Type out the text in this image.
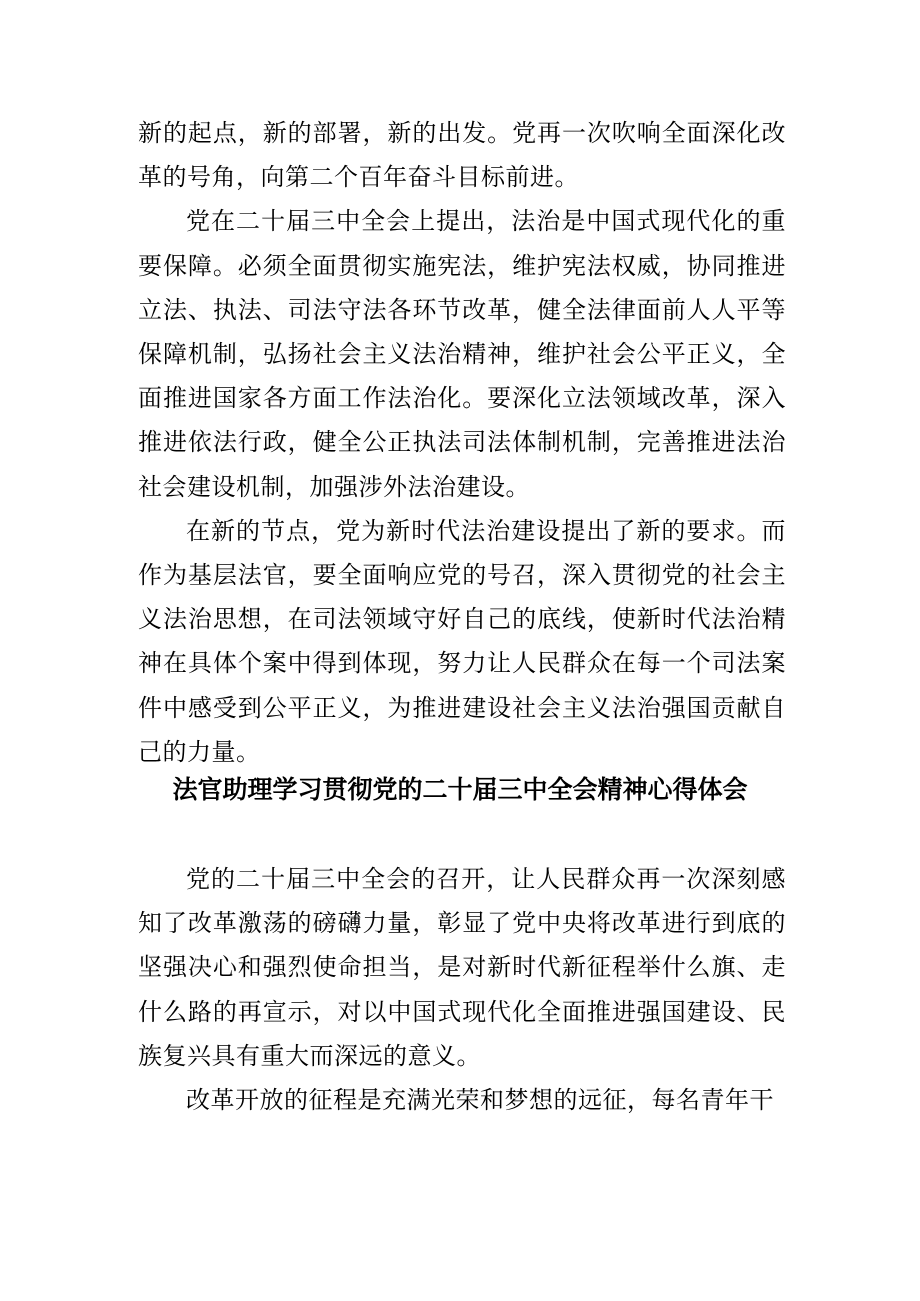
新的起点，新的部署，新的出发。党再一次吹响全面深化改革的号角，向第二个百年奋斗目标前进。

党在二十届三中全会上提出，法治是中国式现代化的重要保障。必须全面贯彻实施宪法，维护宪法权威，协同推进立法、执法、司法守法各环节改革，健全法律面前人人平等保障机制，弘扬社会主义法治精神，维护社会公平正义，全面推进国家各方面工作法治化。要深化立法领域改革，深入推进依法行政，健全公正执法司法体制机制，完善推进法治社会建设机制，加强涉外法治建设。

在新的节点，党为新时代法治建设提出了新的要求。而作为基层法官，要全面响应党的号召，深入贯彻党的社会主义法治思想，在司法领域守好自己的底线，使新时代法治精神在具体个案中得到体现，努力让人民群众在每一个司法案件中感受到公平正义，为推进建设社会主义法治强国贡献自己的力量。

法官助理学习贯彻党的二十届三中全会精神心得体会

党的二十届三中全会的召开，让人民群众再一次深刻感知了改革激荡的磅礴力量，彰显了党中央将改革进行到底的坚强决心和强烈使命担当，是对新时代新征程举什么旗、走什么路的再宣示，对以中国式现代化全面推进强国建设、民族复兴具有重大而深远的意义。

改革开放的征程是充满光荣和梦想的远征，每名青年干
